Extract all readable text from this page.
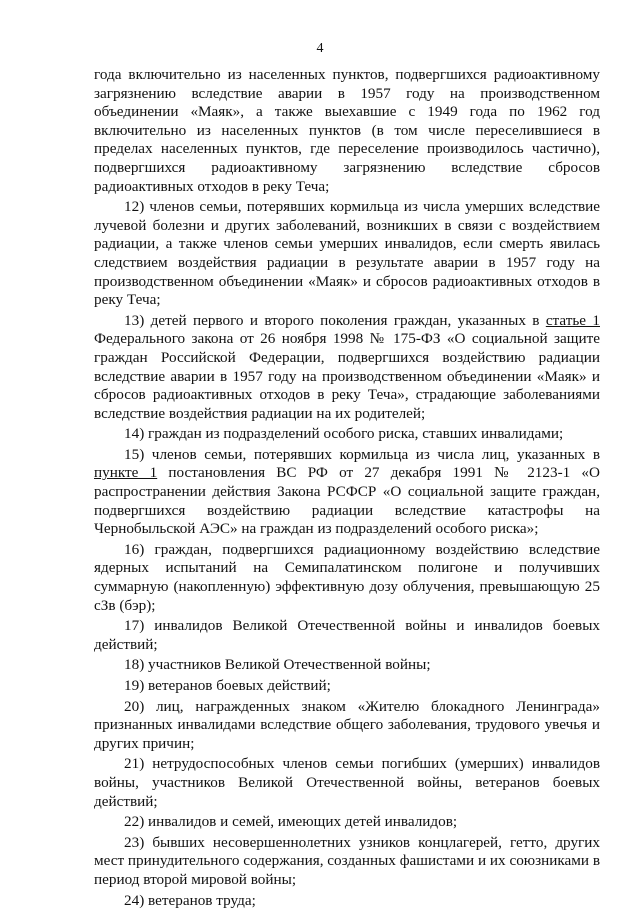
4

года включительно из населенных пунктов, подвергшихся радиоактивному загрязнению вследствие аварии в 1957 году на производственном объединении «Маяк», а также выехавшие с 1949 года по 1962 год включительно из населенных пунктов (в том числе переселившиеся в пределах населенных пунктов, где переселение производилось частично), подвергшихся радиоактивному загрязнению вследствие сбросов радиоактивных отходов в реку Теча;

12) членов семьи, потерявших кормильца из числа умерших вследствие лучевой болезни и других заболеваний, возникших в связи с воздействием радиации, а также членов семьи умерших инвалидов, если смерть явилась следствием воздействия радиации в результате аварии в 1957 году на производственном объединении «Маяк» и сбросов радиоактивных отходов в реку Теча;

13) детей первого и второго поколения граждан, указанных в статье 1 Федерального закона от 26 ноября 1998 № 175-ФЗ «О социальной защите граждан Российской Федерации, подвергшихся воздействию радиации вследствие аварии в 1957 году на производственном объединении «Маяк» и сбросов радиоактивных отходов в реку Теча», страдающие заболеваниями вследствие воздействия радиации на их родителей;

14) граждан из подразделений особого риска, ставших инвалидами;

15) членов семьи, потерявших кормильца из числа лиц, указанных в пункте 1 постановления ВС РФ от 27 декабря 1991 № 2123-1 «О распространении действия Закона РСФСР «О социальной защите граждан, подвергшихся воздействию радиации вследствие катастрофы на Чернобыльской АЭС» на граждан из подразделений особого риска»;

16) граждан, подвергшихся радиационному воздействию вследствие ядерных испытаний на Семипалатинском полигоне и получивших суммарную (накопленную) эффективную дозу облучения, превышающую 25 сЗв (бэр);

17) инвалидов Великой Отечественной войны и инвалидов боевых действий;

18) участников Великой Отечественной войны;

19) ветеранов боевых действий;

20) лиц, награжденных знаком «Жителю блокадного Ленинграда» признанных инвалидами вследствие общего заболевания, трудового увечья и других причин;

21) нетрудоспособных членов семьи погибших (умерших) инвалидов войны, участников Великой Отечественной войны, ветеранов боевых действий;

22) инвалидов и семей, имеющих детей инвалидов;

23) бывших несовершеннолетних узников концлагерей, гетто, других мест принудительного содержания, созданных фашистами и их союзниками в период второй мировой войны;

24) ветеранов труда;
